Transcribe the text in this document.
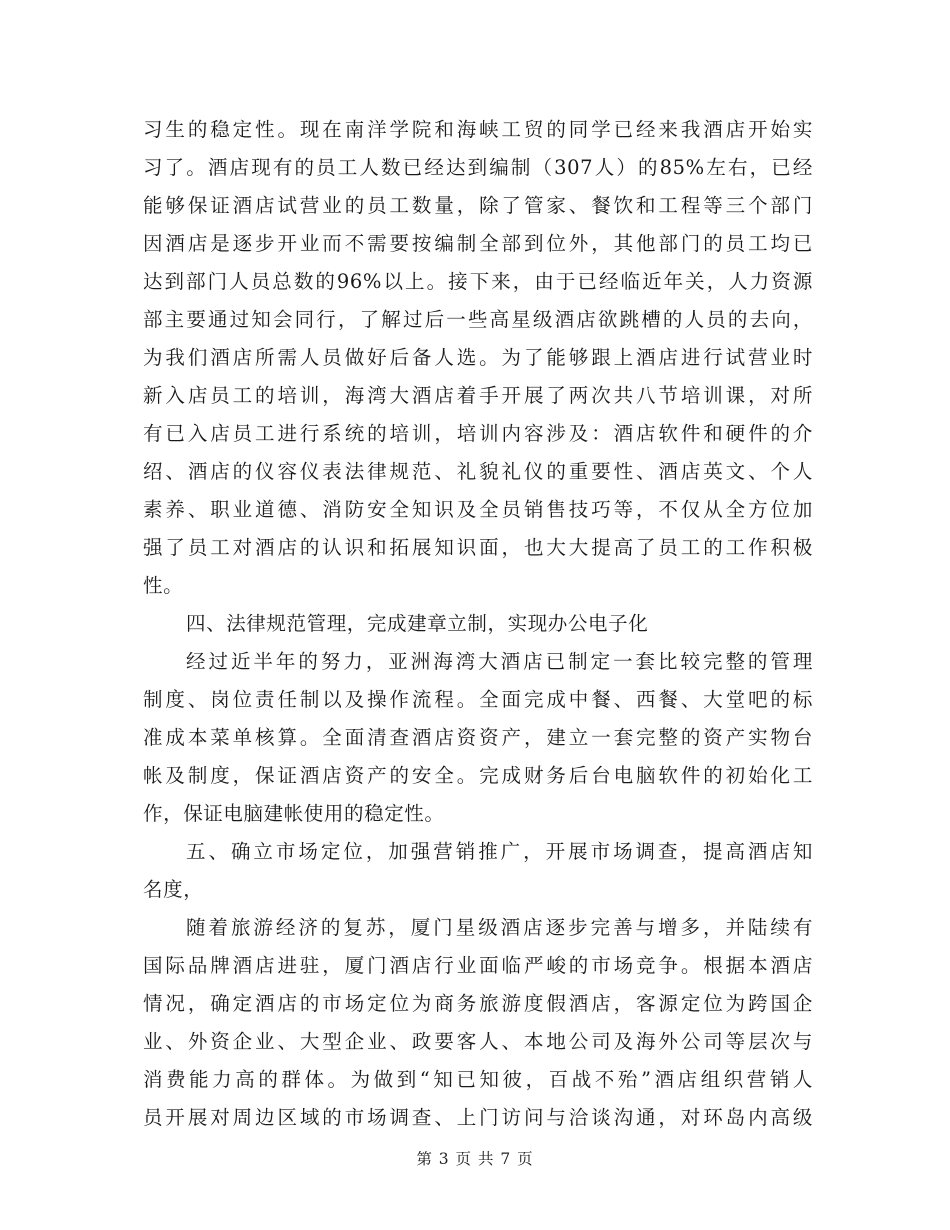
习生的稳定性。现在南洋学院和海峡工贸的同学已经来我酒店开始实
习了。酒店现有的员工人数已经达到编制（307人）的85%左右，已经
能够保证酒店试营业的员工数量，除了管家、餐饮和工程等三个部门
因酒店是逐步开业而不需要按编制全部到位外，其他部门的员工均已
达到部门人员总数的96%以上。接下来，由于已经临近年关，人力资源
部主要通过知会同行，了解过后一些高星级酒店欲跳槽的人员的去向，
为我们酒店所需人员做好后备人选。为了能够跟上酒店进行试营业时
新入店员工的培训，海湾大酒店着手开展了两次共八节培训课，对所
有已入店员工进行系统的培训，培训内容涉及：酒店软件和硬件的介
绍、酒店的仪容仪表法律规范、礼貌礼仪的重要性、酒店英文、个人
素养、职业道德、消防安全知识及全员销售技巧等，不仅从全方位加
强了员工对酒店的认识和拓展知识面，也大大提高了员工的工作积极
性。
四、法律规范管理，完成建章立制，实现办公电子化
经过近半年的努力，亚洲海湾大酒店已制定一套比较完整的管理
制度、岗位责任制以及操作流程。全面完成中餐、西餐、大堂吧的标
准成本菜单核算。全面清查酒店资资产，建立一套完整的资产实物台
帐及制度，保证酒店资产的安全。完成财务后台电脑软件的初始化工
作，保证电脑建帐使用的稳定性。
五、确立市场定位，加强营销推广，开展市场调查，提高酒店知
名度，
随着旅游经济的复苏，厦门星级酒店逐步完善与增多，并陆续有
国际品牌酒店进驻，厦门酒店行业面临严峻的市场竞争。根据本酒店
情况，确定酒店的市场定位为商务旅游度假酒店，客源定位为跨国企
业、外资企业、大型企业、政要客人、本地公司及海外公司等层次与
消费能力高的群体。为做到“知已知彼，百战不殆”酒店组织营销人
员开展对周边区域的市场调查、上门访问与洽谈沟通，对环岛内高级
第 3 页 共 7 页
